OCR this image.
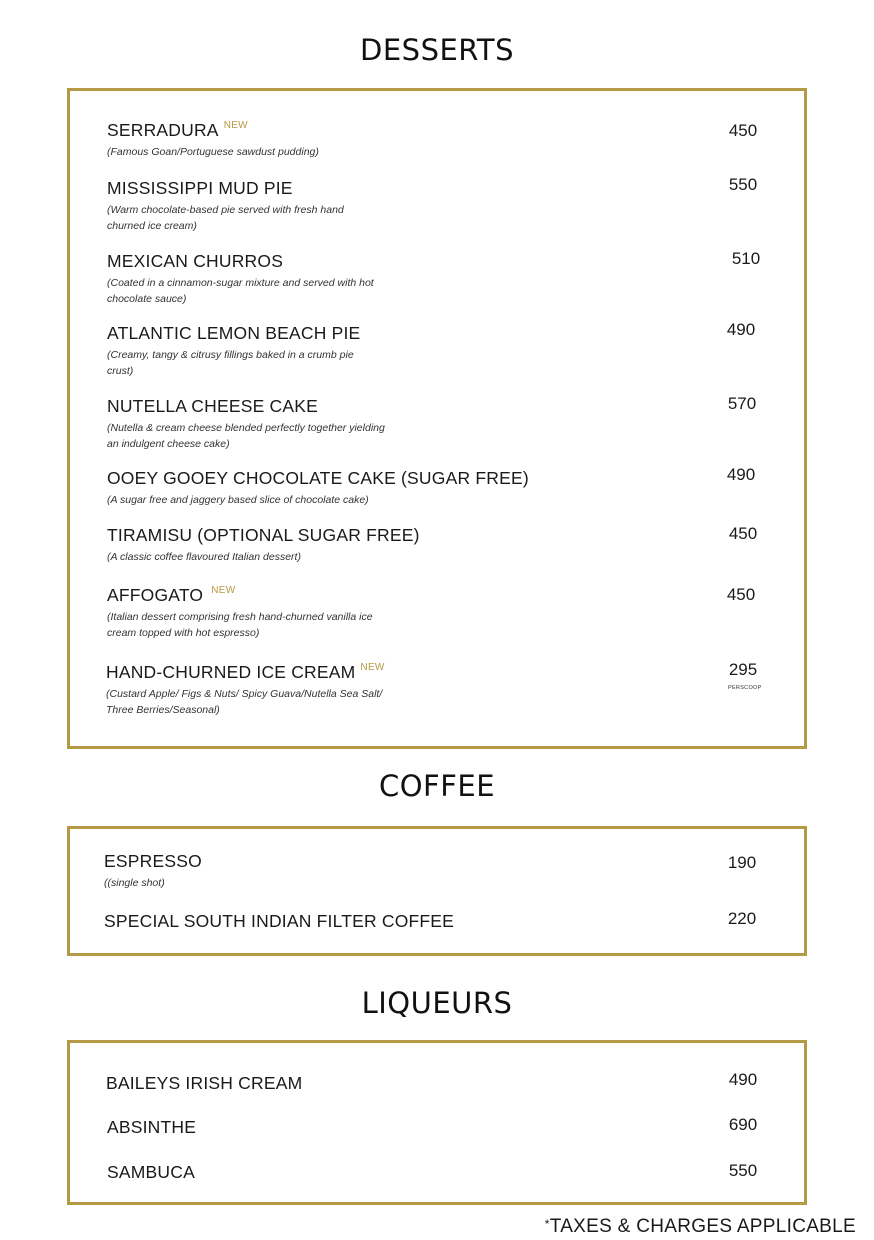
DESSERTS
SERRADURA $^{NEW}$
(Famous Goan/Portuguese sawdust pudding)
450
MISSISSIPPI MUD PIE
(Warm chocolate-based pie served with fresh hand
churned ice cream)
550
MEXICAN CHURROS
(Coated in a cinnamon-sugar mixture and served with hot
chocolate sauce)
510
ATLANTIC LEMON BEACH PIE
(Creamy, tangy & citrusy fillings baked in a crumb pie
crust)
490
NUTELLA CHEESE CAKE
(Nutella & cream cheese blended perfectly together yielding
an indulgent cheese cake)
570
OOEY GOOEY CHOCOLATE CAKE (SUGAR FREE)
(A sugar free and jaggery based slice of chocolate cake)
490
TIRAMISU (OPTIONAL SUGAR FREE)
(A classic coffee flavoured Italian dessert)
450
AFFOGATO $^{NEW}$
(Italian dessert comprising fresh hand-churned vanilla ice
cream topped with hot espresso)
450
HAND-CHURNED ICE CREAM $^{NEW}$
(Custard Apple/ Figs & Nuts/ Spicy Guava/Nutella Sea Salt/
Three Berries/Seasonal)
295
PERSCOOP
COFFEE
ESPRESSO
((single shot)
190
SPECIAL SOUTH INDIAN FILTER COFFEE	220
LIQUEURS
BAILEYS IRISH CREAM	490
ABSINTHE	690
SAMBUCA	550
*TAXES & CHARGES APPLICABLE
